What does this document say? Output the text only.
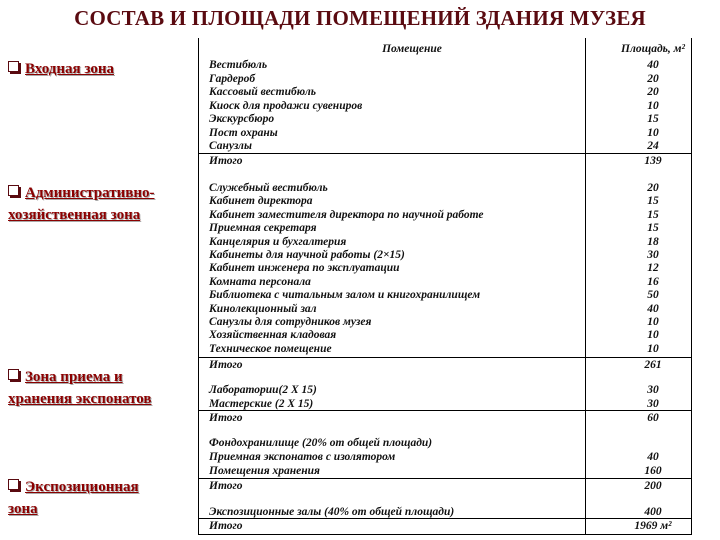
СОСТАВ И ПЛОЩАДИ ПОМЕЩЕНИЙ ЗДАНИЯ МУЗЕЯ
Входная зона
Административно-
хозяйственная зона
Зона приема и
хранения экспонатов
Экспозиционная
зона
Помещение	Площадь, м²
Вестибюль	40
Гардероб	20
Кассовый вестибюль	20
Киоск для продажи сувениров	10
Экскурсбюро	15
Пост охраны	10
Санузлы	24
Итого	139
Служебный вестибюль	20
Кабинет директора	15
Кабинет заместителя директора по научной работе	15
Приемная секретаря	15
Канцелярия и бухгалтерия	18
Кабинеты для научной работы (2×15)	30
Кабинет инженера по эксплуатации	12
Комната персонала	16
Библиотека с читальным залом и книгохранилищем	50
Кинолекционный зал	40
Санузлы для сотрудников музея	10
Хозяйственная кладовая	10
Техническое помещение	10
Итого	261
Лаборатории(2 Х 15)	30
Мастерские (2 Х 15)	30
Итого	60
Фондохранилище (20% от общей площади)
Приемная экспонатов с изолятором	40
Помещения хранения	160
Итого	200
Экспозиционные залы (40% от общей площади)	400
Итого	1969 м²
